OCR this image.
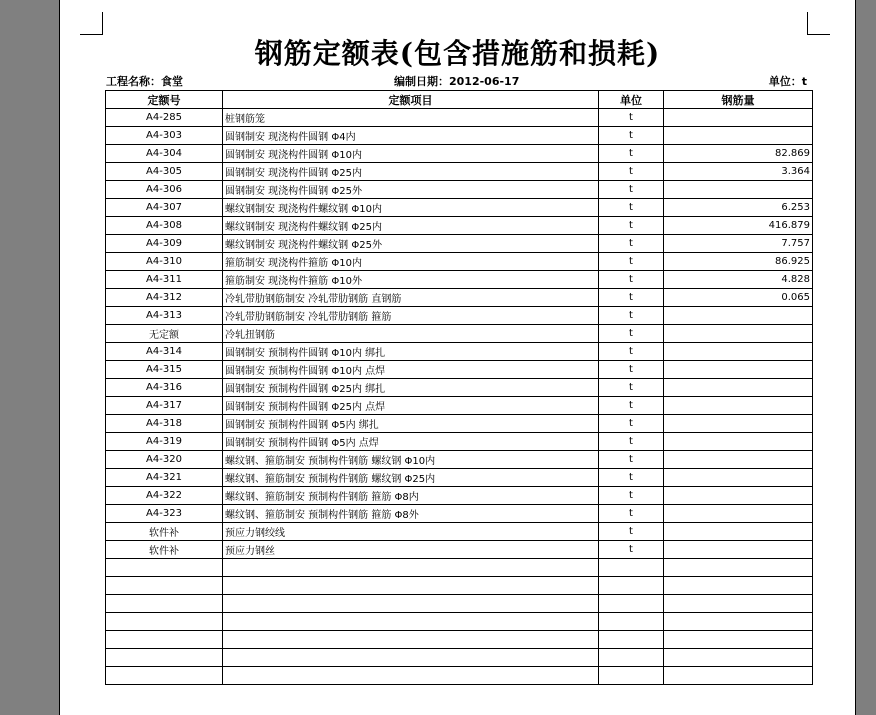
钢筋定额表(包含措施筋和损耗)
工程名称：食堂	编制日期：2012-06-17	单位：t
定额号	定额项目	单位	钢筋量
A4-285	桩钢筋笼	t	
A4-303	圆钢制安 现浇构件圆钢 Φ4内	t	
A4-304	圆钢制安 现浇构件圆钢 Φ10内	t	82.869
A4-305	圆钢制安 现浇构件圆钢 Φ25内	t	3.364
A4-306	圆钢制安 现浇构件圆钢 Φ25外	t	
A4-307	螺纹钢制安 现浇构件螺纹钢 Φ10内	t	6.253
A4-308	螺纹钢制安 现浇构件螺纹钢 Φ25内	t	416.879
A4-309	螺纹钢制安 现浇构件螺纹钢 Φ25外	t	7.757
A4-310	箍筋制安 现浇构件箍筋 Φ10内	t	86.925
A4-311	箍筋制安 现浇构件箍筋 Φ10外	t	4.828
A4-312	冷轧带肋钢筋制安 冷轧带肋钢筋 直钢筋	t	0.065
A4-313	冷轧带肋钢筋制安 冷轧带肋钢筋 箍筋	t	
无定额	冷轧扭钢筋	t	
A4-314	圆钢制安 预制构件圆钢 Φ10内 绑扎	t	
A4-315	圆钢制安 预制构件圆钢 Φ10内 点焊	t	
A4-316	圆钢制安 预制构件圆钢 Φ25内 绑扎	t	
A4-317	圆钢制安 预制构件圆钢 Φ25内 点焊	t	
A4-318	圆钢制安 预制构件圆钢 Φ5内 绑扎	t	
A4-319	圆钢制安 预制构件圆钢 Φ5内 点焊	t	
A4-320	螺纹钢、箍筋制安 预制构件钢筋 螺纹钢 Φ10内	t	
A4-321	螺纹钢、箍筋制安 预制构件钢筋 螺纹钢 Φ25内	t	
A4-322	螺纹钢、箍筋制安 预制构件钢筋 箍筋 Φ8内	t	
A4-323	螺纹钢、箍筋制安 预制构件钢筋 箍筋 Φ8外	t	
软件补	预应力钢绞线	t	
软件补	预应力钢丝	t	
